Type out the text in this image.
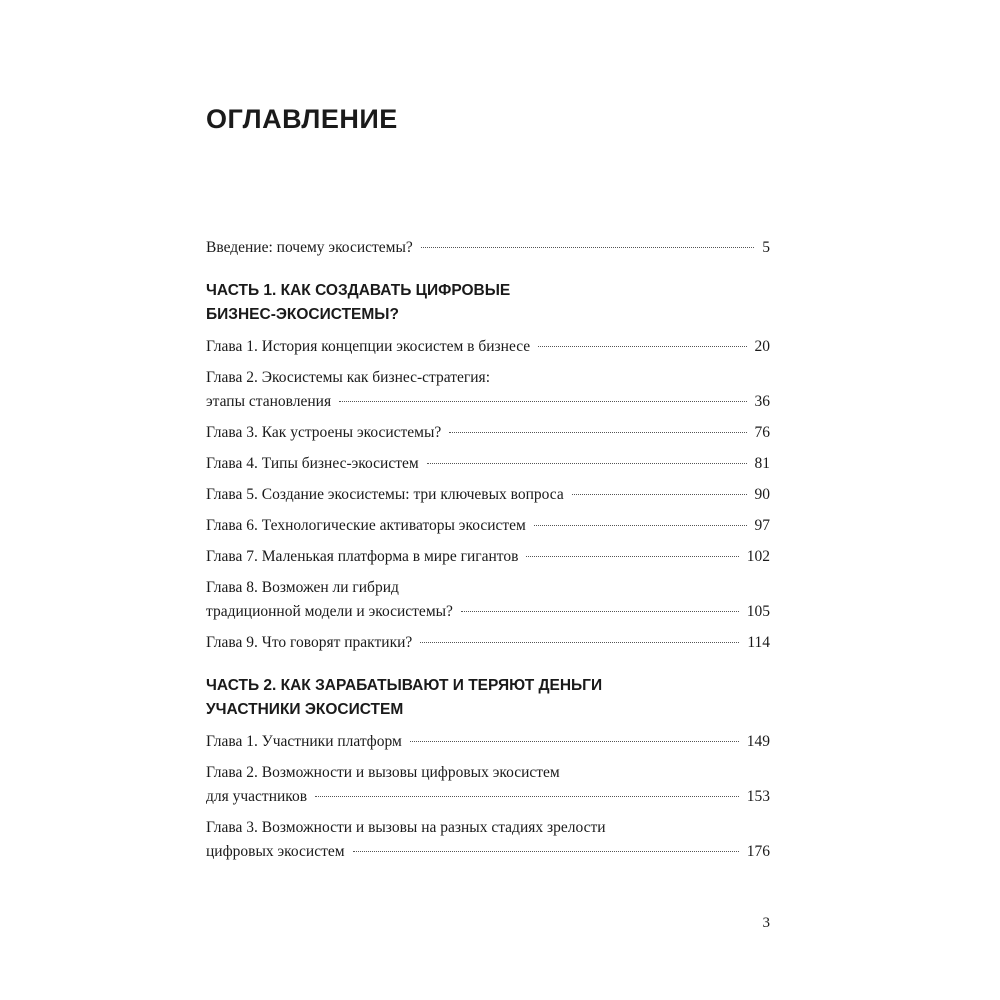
ОГЛАВЛЕНИЕ
Введение: почему экосистемы?	5
ЧАСТЬ 1. КАК СОЗДАВАТЬ ЦИФРОВЫЕ
БИЗНЕС-ЭКОСИСТЕМЫ?
Глава 1. История концепции экосистем в бизнесе	20
Глава 2. Экосистемы как бизнес-стратегия:
этапы становления	36
Глава 3. Как устроены экосистемы?	76
Глава 4. Типы бизнес-экосистем	81
Глава 5. Создание экосистемы: три ключевых вопроса	90
Глава 6. Технологические активаторы экосистем	97
Глава 7. Маленькая платформа в мире гигантов	102
Глава 8. Возможен ли гибрид
традиционной модели и экосистемы?	105
Глава 9. Что говорят практики?	114
ЧАСТЬ 2. КАК ЗАРАБАТЫВАЮТ И ТЕРЯЮТ ДЕНЬГИ
УЧАСТНИКИ ЭКОСИСТЕМ
Глава 1. Участники платформ	149
Глава 2. Возможности и вызовы цифровых экосистем
для участников	153
Глава 3. Возможности и вызовы на разных стадиях зрелости
цифровых экосистем	176
3
